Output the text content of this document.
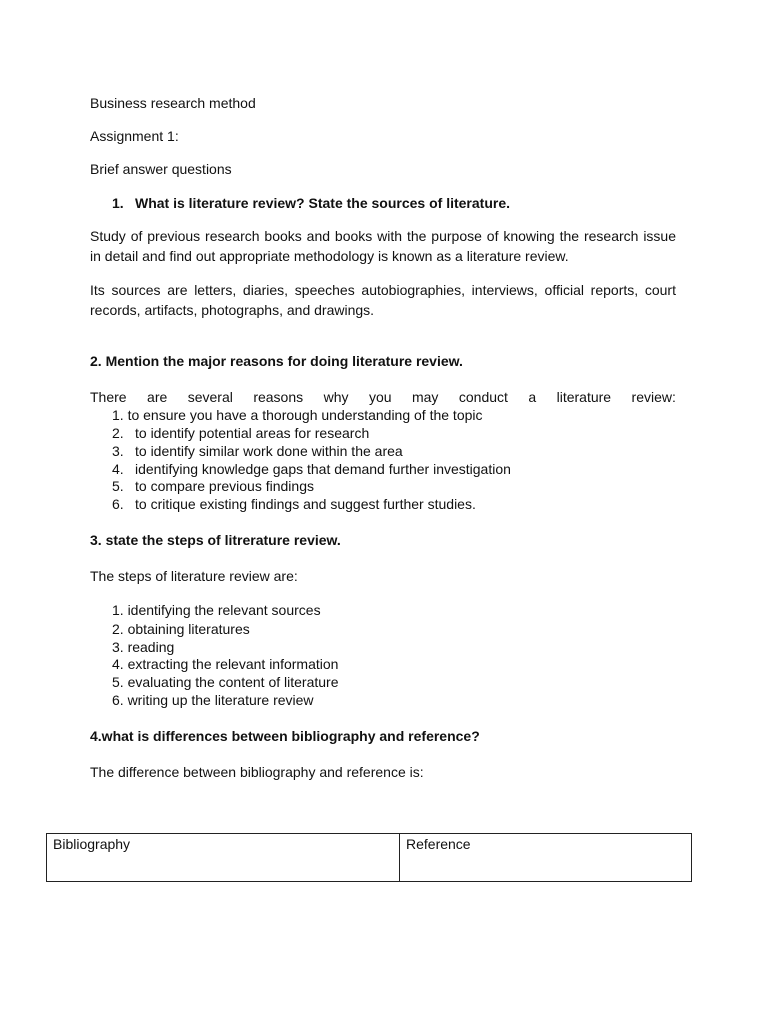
Business research method
Assignment 1:
Brief answer questions
1. What is literature review? State the sources of literature.
Study of previous research books and books with the purpose of knowing the research issue in detail and find out appropriate methodology is known as a literature review.
Its sources are letters, diaries, speeches autobiographies, interviews, official reports, court records, artifacts, photographs, and drawings.
2. Mention the major reasons for doing literature review.
There are several reasons why you may conduct a literature review:
1. to ensure you have a thorough understanding of the topic
2. to identify potential areas for research
3. to identify similar work done within the area
4. identifying knowledge gaps that demand further investigation
5. to compare previous findings
6. to critique existing findings and suggest further studies.
3. state the steps of litrerature review.
The steps of literature review are:
1. identifying the relevant sources
2. obtaining literatures
3. reading
4. extracting the relevant information
5. evaluating the content of literature
6. writing up the literature review
4.what is differences between bibliography and reference?
The difference between bibliography and reference is:
Bibliography	Reference
